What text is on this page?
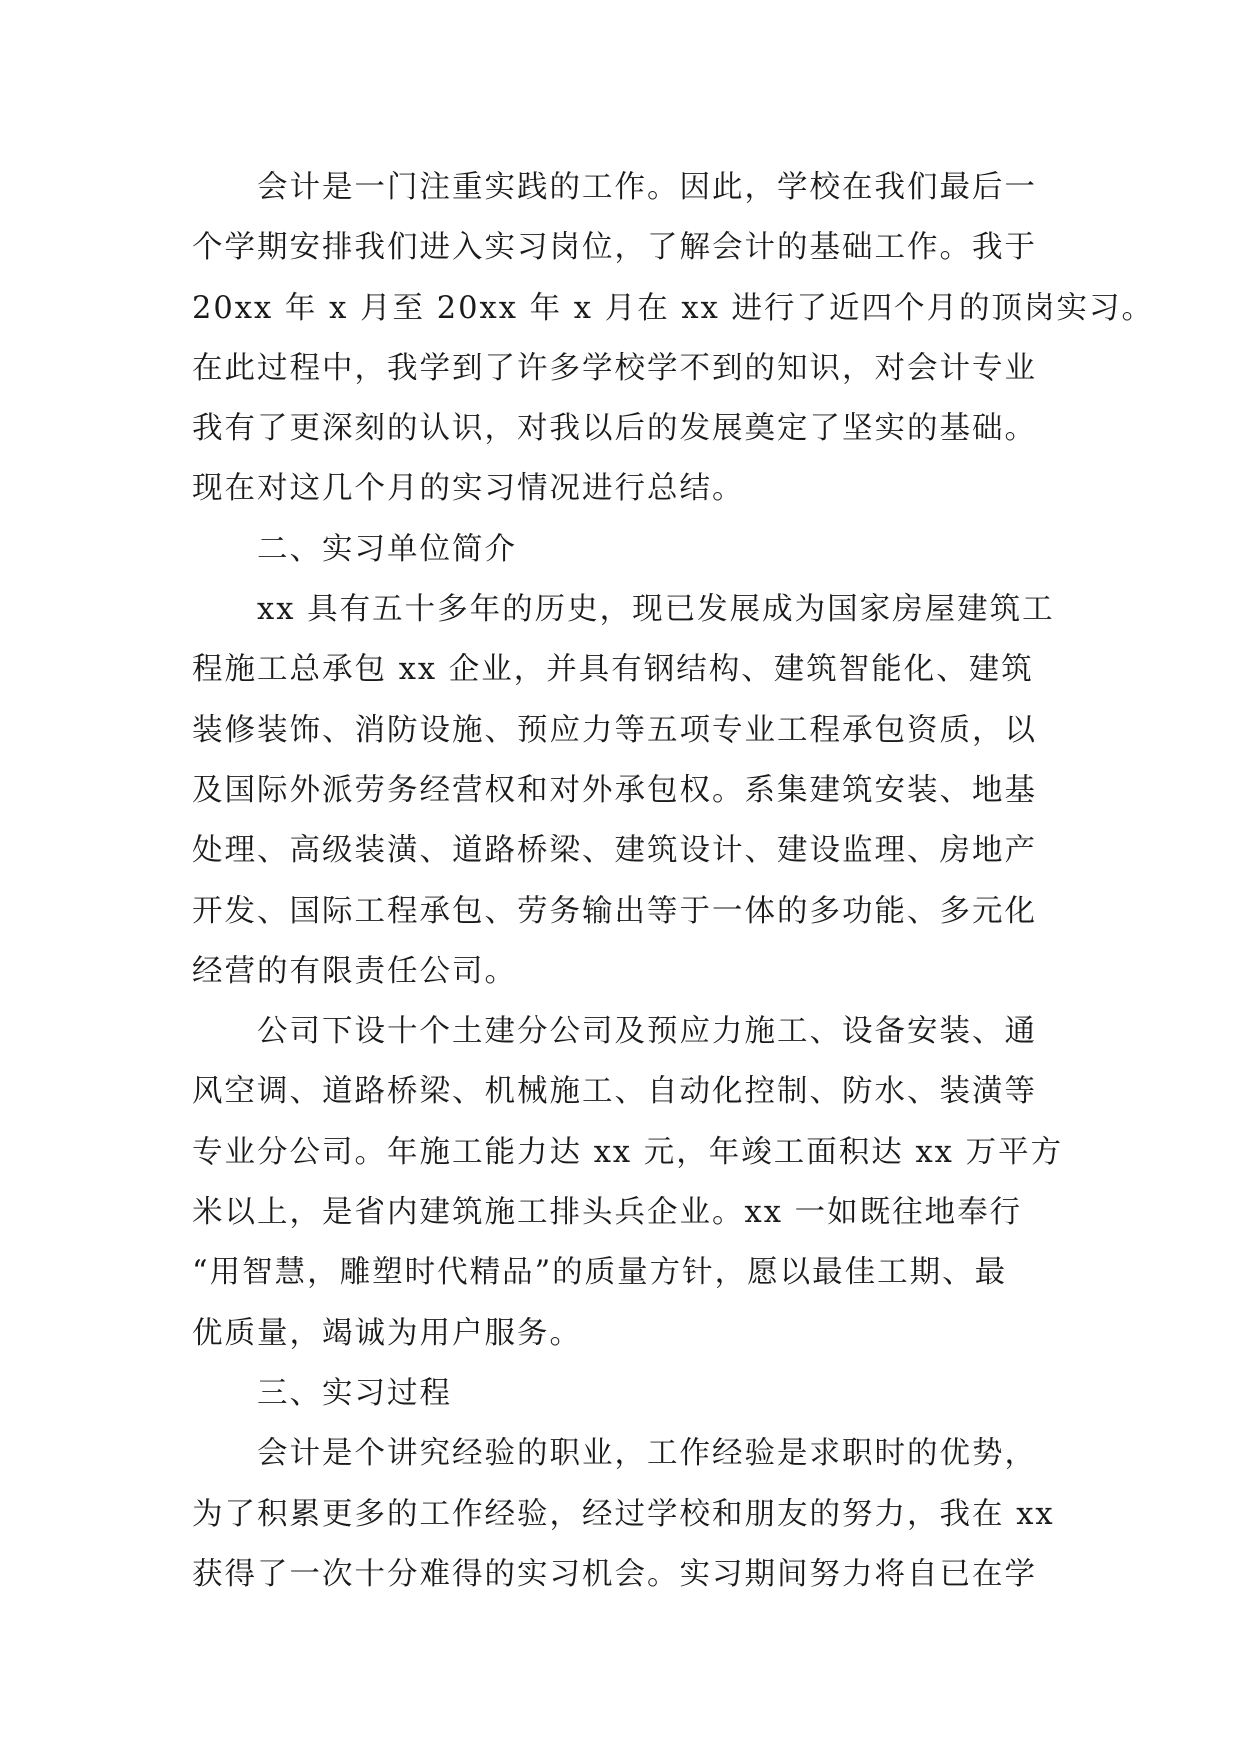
会计是一门注重实践的工作。因此，学校在我们最后一
个学期安排我们进入实习岗位，了解会计的基础工作。我于
20xx 年 x 月至 20xx 年 x 月在 xx 进行了近四个月的顶岗实习。
在此过程中，我学到了许多学校学不到的知识，对会计专业
我有了更深刻的认识，对我以后的发展奠定了坚实的基础。
现在对这几个月的实习情况进行总结。
二、实习单位简介
xx 具有五十多年的历史，现已发展成为国家房屋建筑工
程施工总承包 xx 企业，并具有钢结构、建筑智能化、建筑
装修装饰、消防设施、预应力等五项专业工程承包资质，以
及国际外派劳务经营权和对外承包权。系集建筑安装、地基
处理、高级装潢、道路桥梁、建筑设计、建设监理、房地产
开发、国际工程承包、劳务输出等于一体的多功能、多元化
经营的有限责任公司。
公司下设十个土建分公司及预应力施工、设备安装、通
风空调、道路桥梁、机械施工、自动化控制、防水、装潢等
专业分公司。年施工能力达 xx 元，年竣工面积达 xx 万平方
米以上，是省内建筑施工排头兵企业。xx 一如既往地奉行
“用智慧，雕塑时代精品”的质量方针，愿以最佳工期、最
优质量，竭诚为用户服务。
三、实习过程
会计是个讲究经验的职业，工作经验是求职时的优势，
为了积累更多的工作经验，经过学校和朋友的努力，我在 xx
获得了一次十分难得的实习机会。实习期间努力将自已在学
